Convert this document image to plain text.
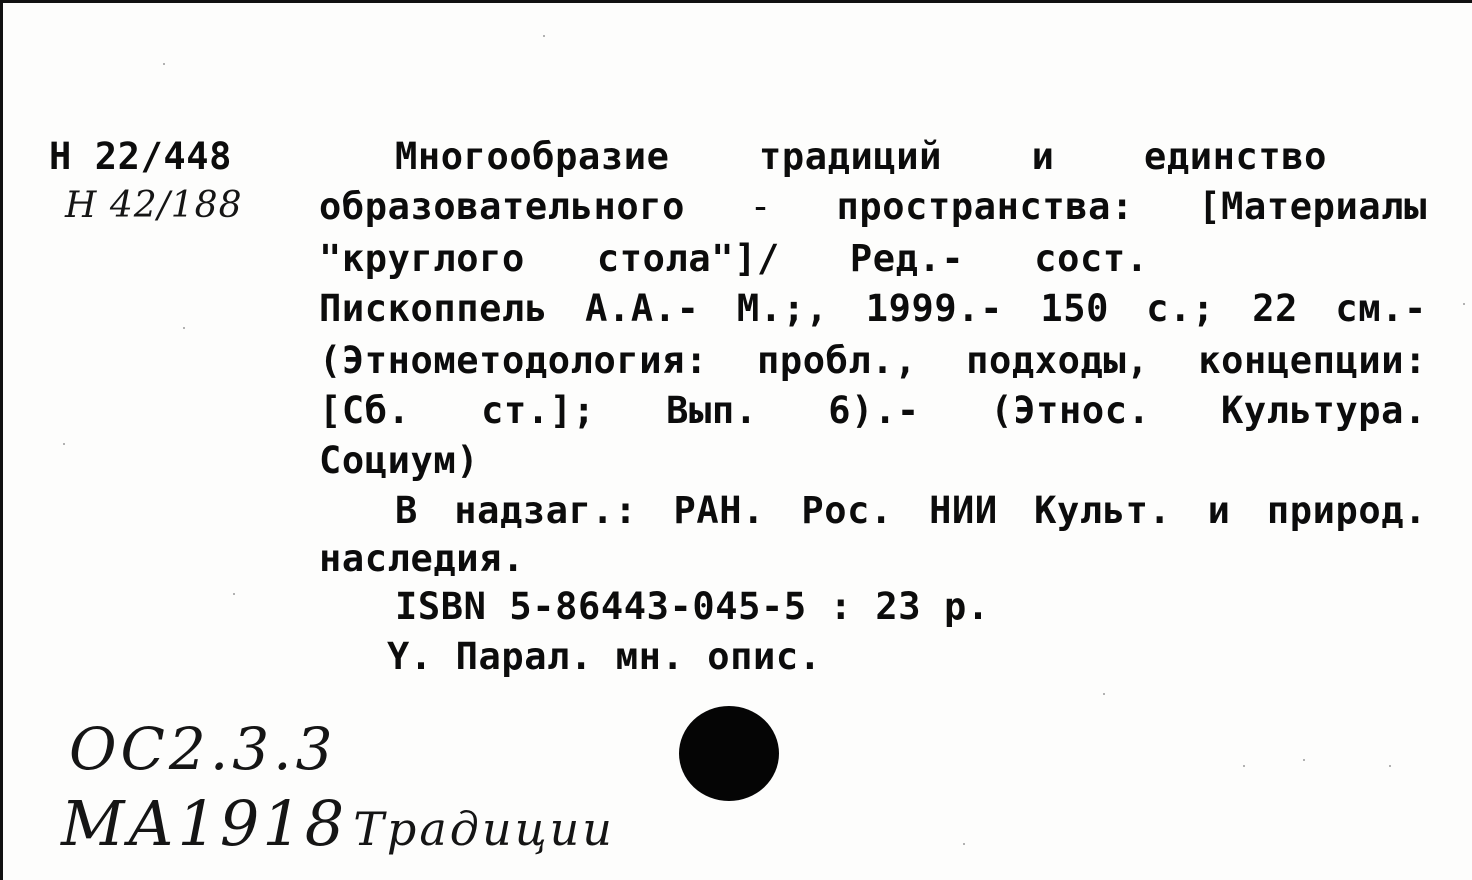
Н 22/448
Н 42/188
Многообразие традиций и единство
образовательного - пространства: [Материалы
"круглого стола"]/ Ред.- сост.
Пископпель А.А.- М.;, 1999.- 150 с.; 22 см.-
(Этнометодология: пробл., подходы, концепции:
[Сб. ст.]; Вып. 6).- (Этнос. Культура.
Социум)
В надзаг.: РАН. Рос. НИИ Культ. и природ.
наследия.
ISBN 5-86443-045-5 : 23 р.
Y. Парал. мн. опис.
ОС2.3.3
МА1918 Традиции
